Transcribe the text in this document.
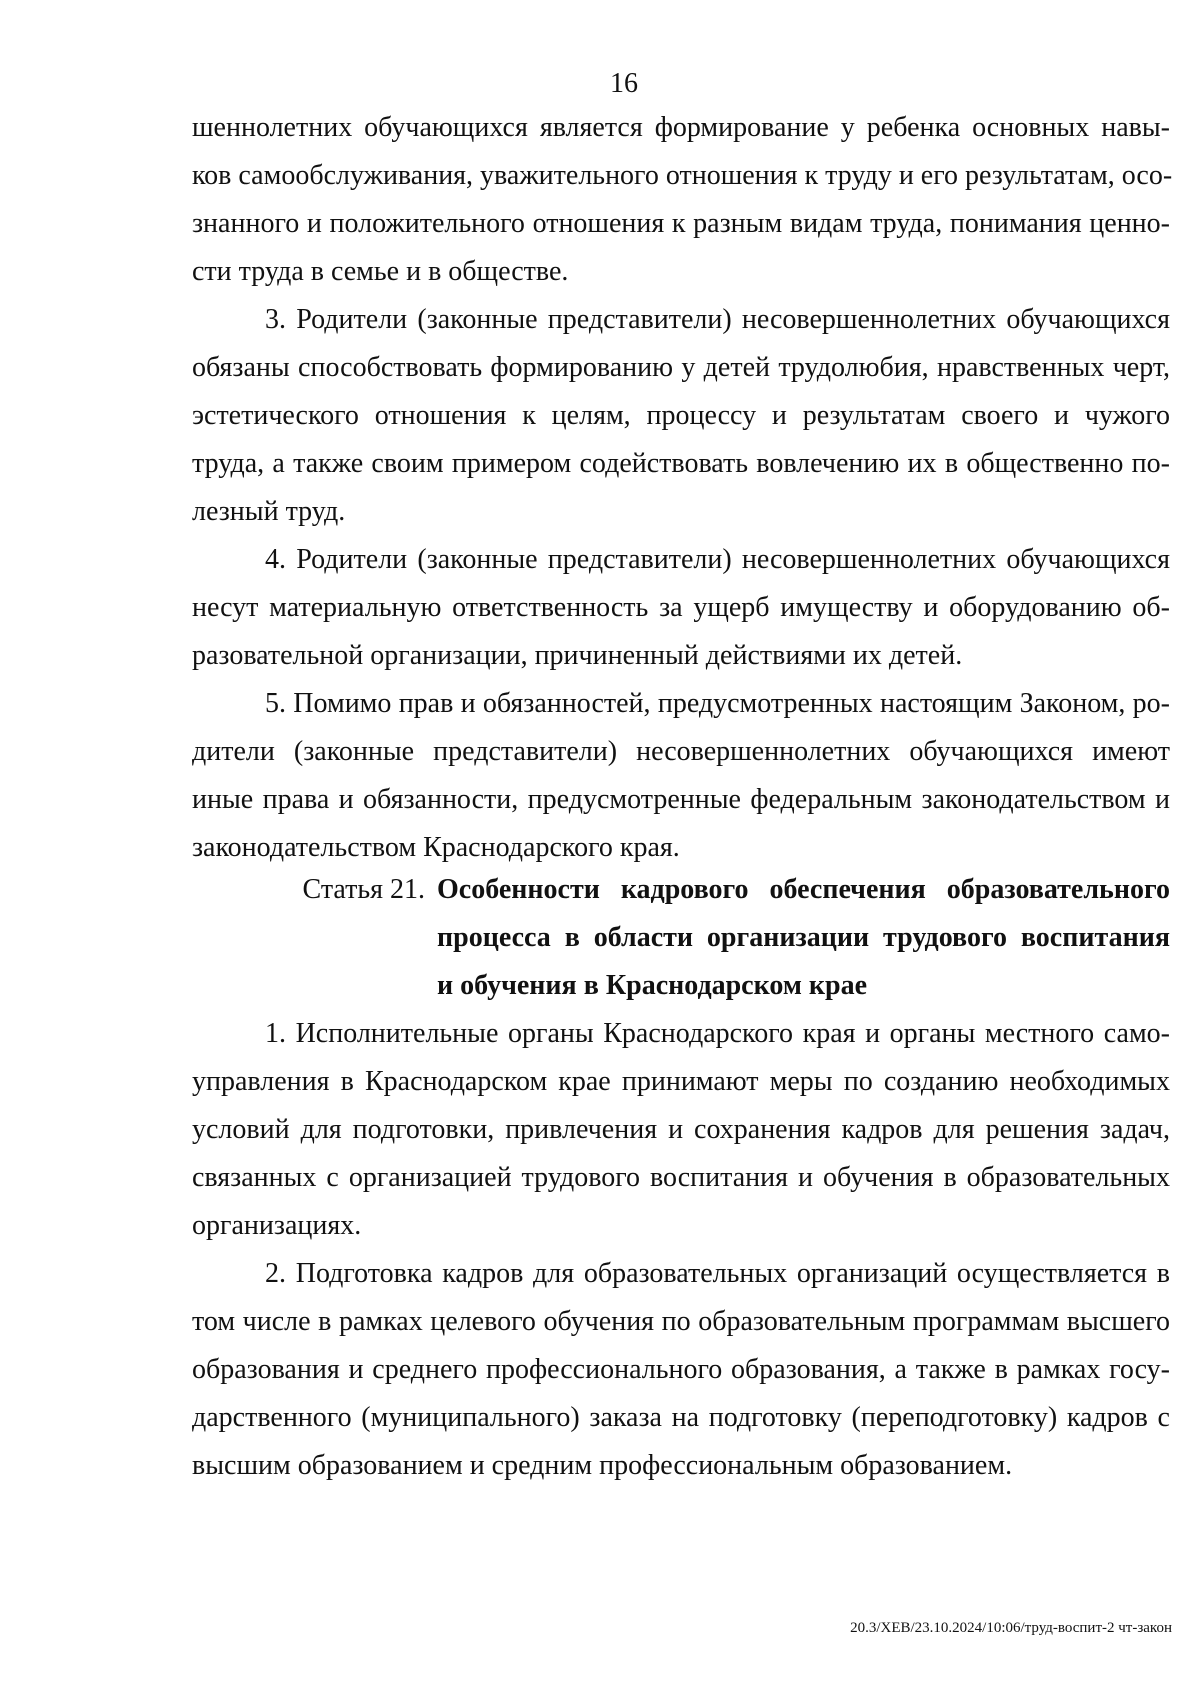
16
шеннолетних обучающихся является формирование у ребенка основных навы-
ков самообслуживания, уважительного отношения к труду и его результатам, осо-
знанного и положительного отношения к разным видам труда, понимания ценно-
сти труда в семье и в обществе.
3. Родители (законные представители) несовершеннолетних обучающихся
обязаны способствовать формированию у детей трудолюбия, нравственных черт,
эстетического отношения к целям, процессу и результатам своего и чужого
труда, а также своим примером содействовать вовлечению их в общественно по-
лезный труд.
4. Родители (законные представители) несовершеннолетних обучающихся
несут материальную ответственность за ущерб имуществу и оборудованию об-
разовательной организации, причиненный действиями их детей.
5. Помимо прав и обязанностей, предусмотренных настоящим Законом, ро-
дители (законные представители) несовершеннолетних обучающихся имеют
иные права и обязанности, предусмотренные федеральным законодательством и
законодательством Краснодарского края.
Статья 21. Особенности кадрового обеспечения образовательного
процесса в области организации трудового воспитания
и обучения в Краснодарском крае
1. Исполнительные органы Краснодарского края и органы местного само-
управления в Краснодарском крае принимают меры по созданию необходимых
условий для подготовки, привлечения и сохранения кадров для решения задач,
связанных с организацией трудового воспитания и обучения в образовательных
организациях.
2. Подготовка кадров для образовательных организаций осуществляется в
том числе в рамках целевого обучения по образовательным программам высшего
образования и среднего профессионального образования, а также в рамках госу-
дарственного (муниципального) заказа на подготовку (переподготовку) кадров с
высшим образованием и средним профессиональным образованием.
20.3/ХЕВ/23.10.2024/10:06/труд-воспит-2 чт-закон
